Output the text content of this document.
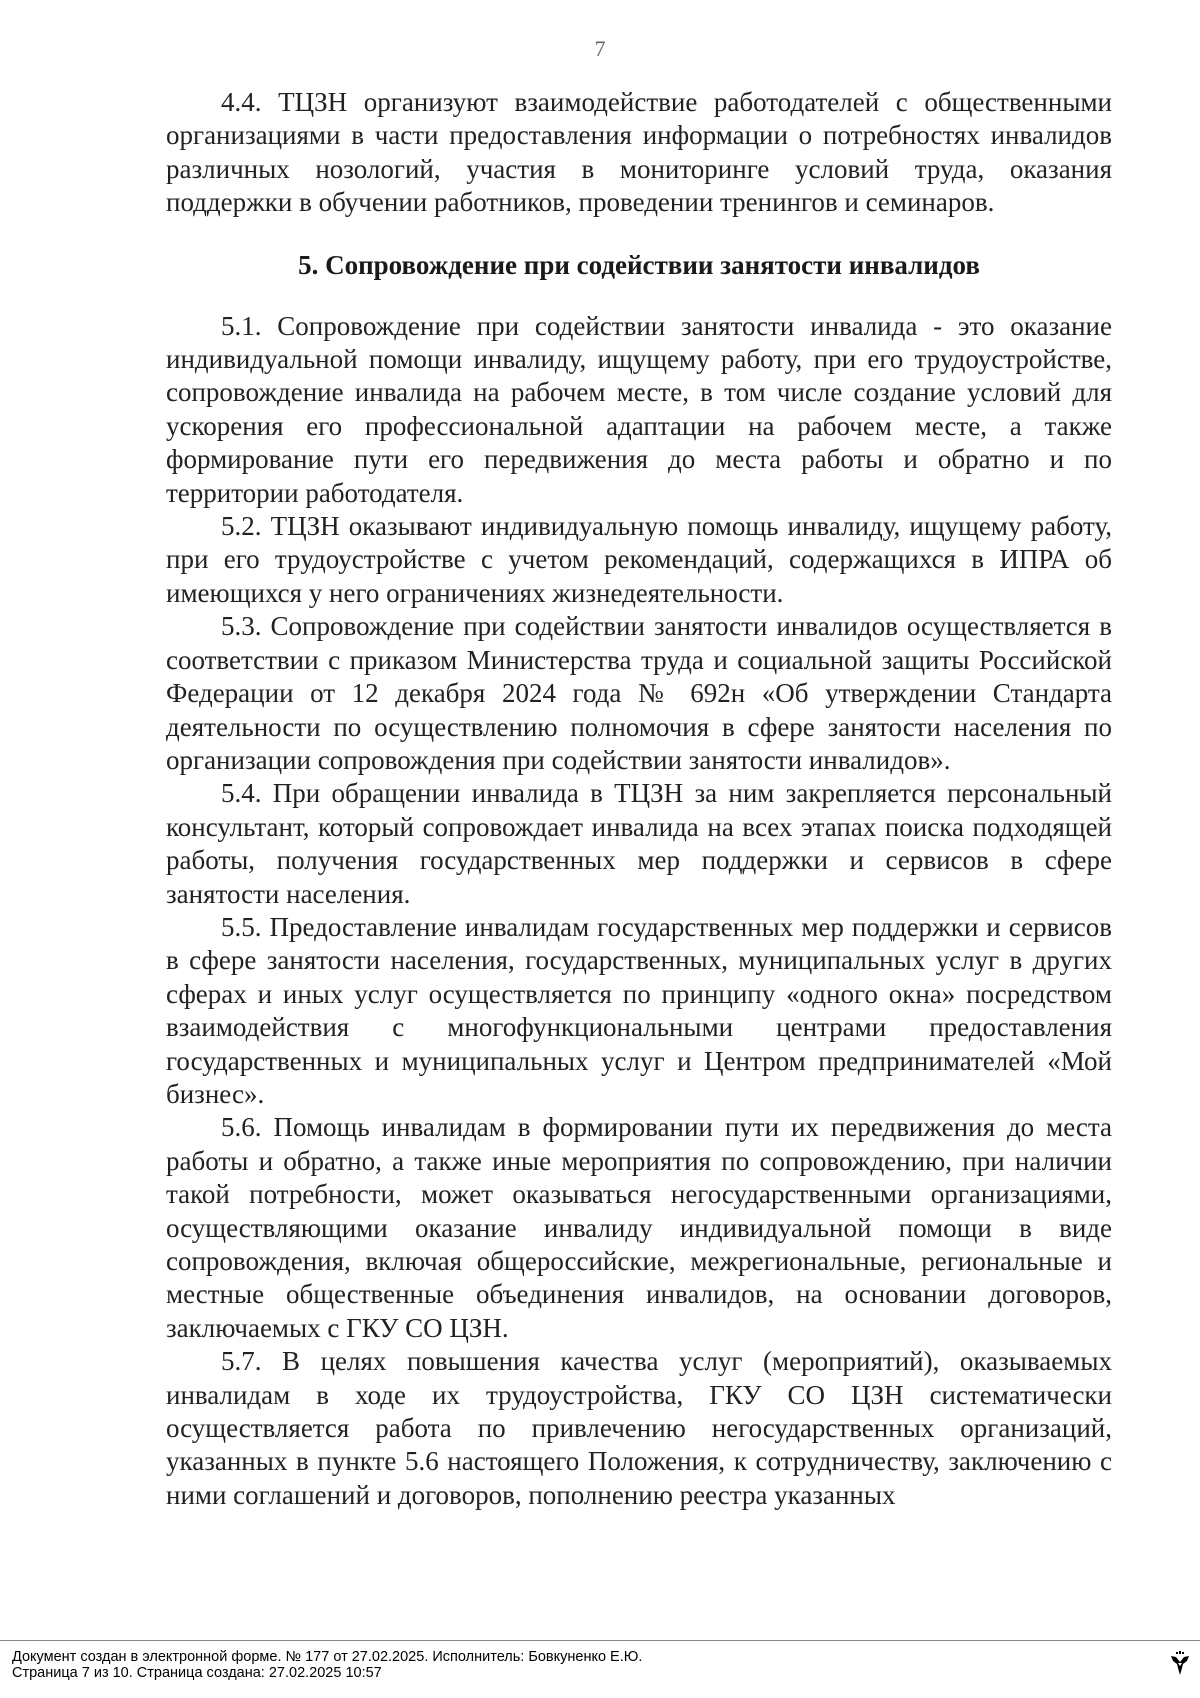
7

4.4. ТЦЗН организуют взаимодействие работодателей с общественными организациями в части предоставления информации о потребностях инвалидов различных нозологий, участия в мониторинге условий труда, оказания поддержки в обучении работников, проведении тренингов и семинаров.

5. Сопровождение при содействии занятости инвалидов

5.1. Сопровождение при содействии занятости инвалида - это оказание индивидуальной помощи инвалиду, ищущему работу, при его трудоустройстве, сопровождение инвалида на рабочем месте, в том числе создание условий для ускорения его профессиональной адаптации на рабочем месте, а также формирование пути его передвижения до места работы и обратно и по территории работодателя.

5.2. ТЦЗН оказывают индивидуальную помощь инвалиду, ищущему работу, при его трудоустройстве с учетом рекомендаций, содержащихся в ИПРА об имеющихся у него ограничениях жизнедеятельности.

5.3. Сопровождение при содействии занятости инвалидов осуществляется в соответствии с приказом Министерства труда и социальной защиты Российской Федерации от 12 декабря 2024 года № 692н «Об утверждении Стандарта деятельности по осуществлению полномочия в сфере занятости населения по организации сопровождения при содействии занятости инвалидов».

5.4. При обращении инвалида в ТЦЗН за ним закрепляется персональный консультант, который сопровождает инвалида на всех этапах поиска подходящей работы, получения государственных мер поддержки и сервисов в сфере занятости населения.

5.5. Предоставление инвалидам государственных мер поддержки и сервисов в сфере занятости населения, государственных, муниципальных услуг в других сферах и иных услуг осуществляется по принципу «одного окна» посредством взаимодействия с многофункциональными центрами предоставления государственных и муниципальных услуг и Центром предпринимателей «Мой бизнес».

5.6. Помощь инвалидам в формировании пути их передвижения до места работы и обратно, а также иные мероприятия по сопровождению, при наличии такой потребности, может оказываться негосударственными организациями, осуществляющими оказание инвалиду индивидуальной помощи в виде сопровождения, включая общероссийские, межрегиональные, региональные и местные общественные объединения инвалидов, на основании договоров, заключаемых с ГКУ СО ЦЗН.

5.7. В целях повышения качества услуг (мероприятий), оказываемых инвалидам в ходе их трудоустройства, ГКУ СО ЦЗН систематически осуществляется работа по привлечению негосударственных организаций, указанных в пункте 5.6 настоящего Положения, к сотрудничеству, заключению с ними соглашений и договоров, пополнению реестра указанных

Документ создан в электронной форме. № 177 от 27.02.2025. Исполнитель: Бовкуненко Е.Ю.
Страница 7 из 10. Страница создана: 27.02.2025 10:57
